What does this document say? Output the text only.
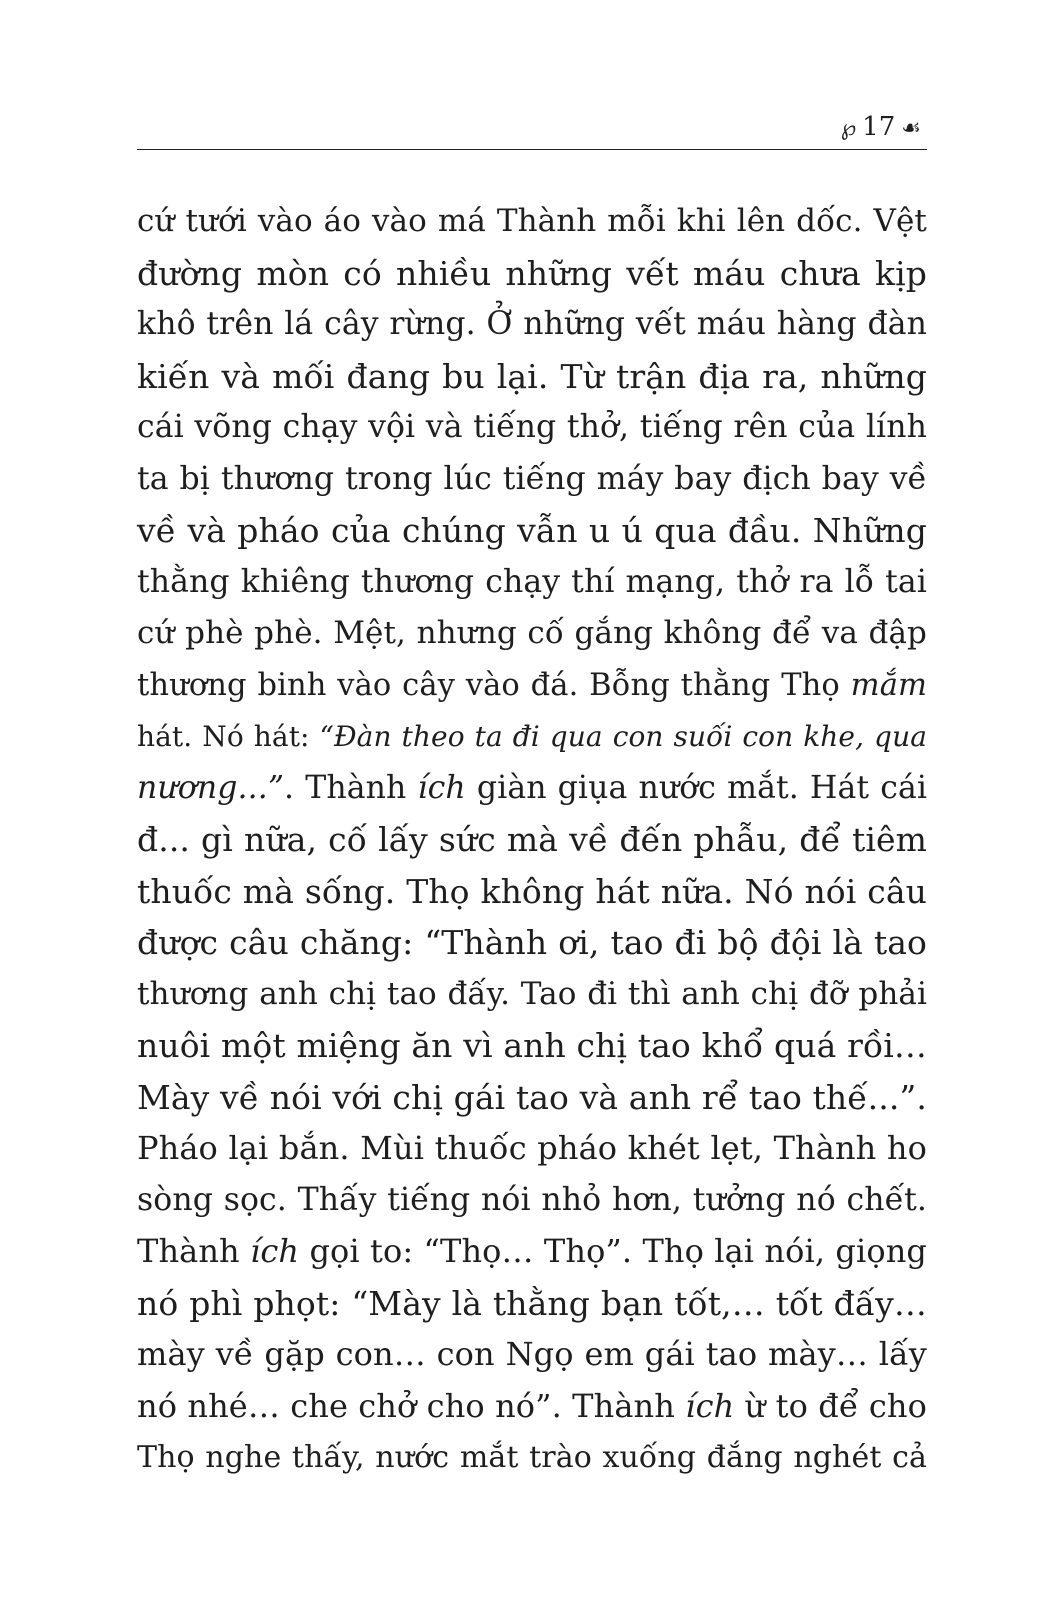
℘ 17 ☙
cứ tưới vào áo vào má Thành mỗi khi lên dốc. Vệt
đường mòn có nhiều những vết máu chưa kịp
khô trên lá cây rừng. Ở những vết máu hàng đàn
kiến và mối đang bu lại. Từ trận địa ra, những
cái võng chạy vội và tiếng thở, tiếng rên của lính
ta bị thương trong lúc tiếng máy bay địch bay về
về và pháo của chúng vẫn u ú qua đầu. Những
thằng khiêng thương chạy thí mạng, thở ra lỗ tai
cứ phè phè. Mệt, nhưng cố gắng không để va đập
thương binh vào cây vào đá. Bỗng thằng Thọ mắm
hát. Nó hát: “Đàn theo ta đi qua con suối con khe, qua
nương...”. Thành ích giàn giụa nước mắt. Hát cái
đ... gì nữa, cố lấy sức mà về đến phẫu, để tiêm
thuốc mà sống. Thọ không hát nữa. Nó nói câu
được câu chăng: “Thành ơi, tao đi bộ đội là tao
thương anh chị tao đấy. Tao đi thì anh chị đỡ phải
nuôi một miệng ăn vì anh chị tao khổ quá rồi…
Mày về nói với chị gái tao và anh rể tao thế...”.
Pháo lại bắn. Mùi thuốc pháo khét lẹt, Thành ho
sòng sọc. Thấy tiếng nói nhỏ hơn, tưởng nó chết.
Thành ích gọi to: “Thọ… Thọ”. Thọ lại nói, giọng
nó phì phọt: “Mày là thằng bạn tốt,… tốt đấy…
mày về gặp con… con Ngọ em gái tao mày… lấy
nó nhé… che chở cho nó”. Thành ích ừ to để cho
Thọ nghe thấy, nước mắt trào xuống đắng nghét cả
